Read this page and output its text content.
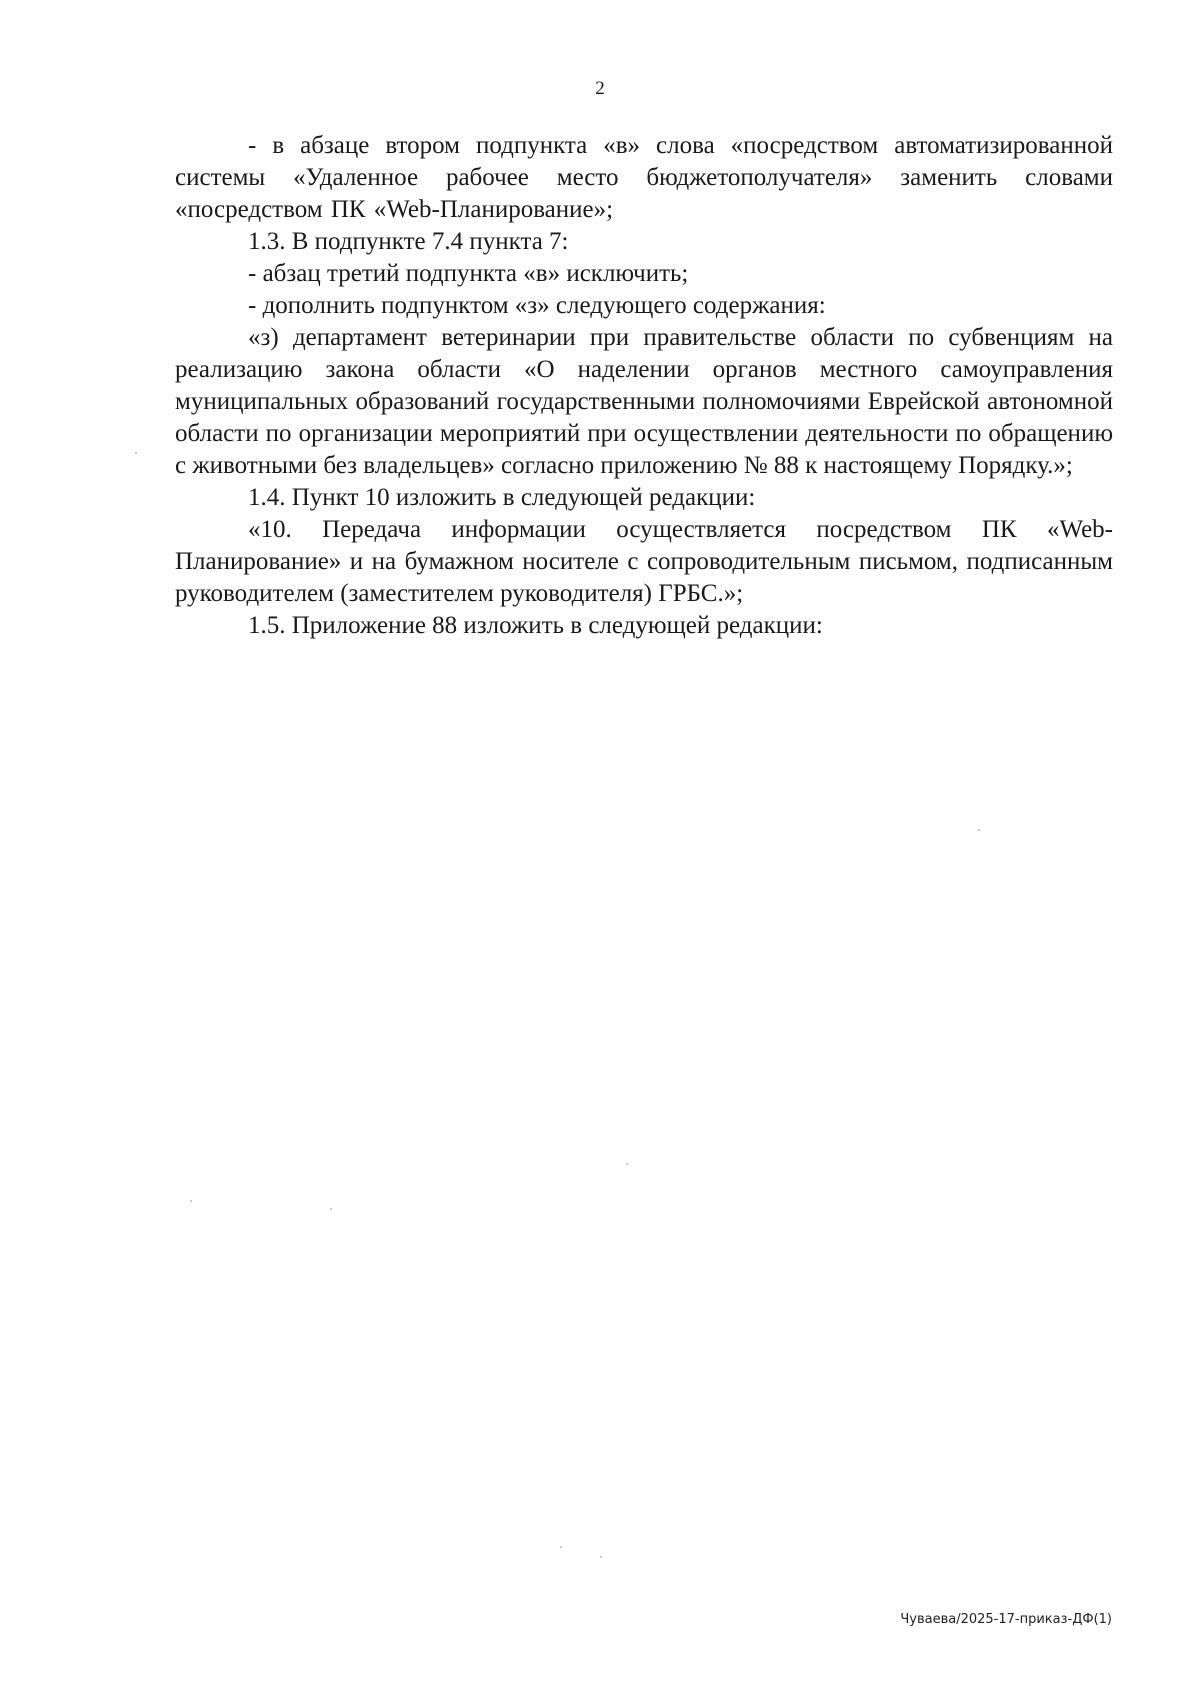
2

- в абзаце втором подпункта «в» слова «посредством автоматизированной системы «Удаленное рабочее место бюджетополучателя» заменить словами «посредством ПК «Web-Планирование»;

1.3. В подпункте 7.4 пункта 7:

- абзац третий подпункта «в» исключить;

- дополнить подпунктом «з» следующего содержания:

«з) департамент ветеринарии при правительстве области по субвенциям на реализацию закона области «О наделении органов местного самоуправления муниципальных образований государственными полномочиями Еврейской автономной области по организации мероприятий при осуществлении деятельности по обращению с животными без владельцев» согласно приложению № 88 к настоящему Порядку.»;

1.4. Пункт 10 изложить в следующей редакции:

«10. Передача информации осуществляется посредством ПК «Web-Планирование» и на бумажном носителе с сопроводительным письмом, подписанным руководителем (заместителем руководителя) ГРБС.»;

1.5. Приложение 88 изложить в следующей редакции:

Чуваева/2025-17-приказ-ДФ(1)
